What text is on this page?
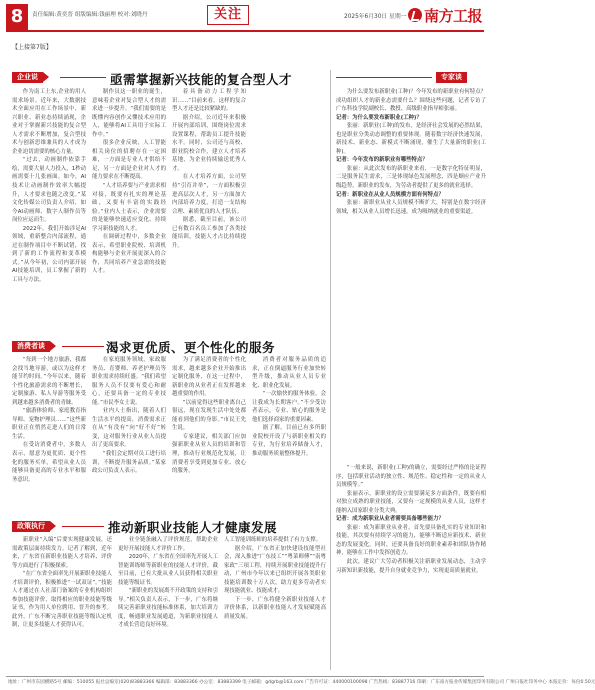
8	责任编辑:黄奕晋 组版编辑:钱丽理 校对:刘晓丹	关注	2025年6月30日 星期一 南方工报
【上接第7版】
企业说	亟需掌握新兴技能的复合型人才

作为南工土东,企业的用人需求场景。近年来，大数据技术全面应用在工作场景中，新兴职业、新业态持续涌现，企业对于掌握新兴技能的复合型人才需求不断增加，复合型技术与创新思维兼具的人才成为企业迫切需要的核心力量。

“过去，动画制作依靠手绘，需要大量人力投入，1秒动画需要十几张画面。如今，AI技术让动画制作效率大幅提升，人才要求也随之改变。”某文化传媒公司负责人介绍，如今AI动画师、数字人制作员等岗位应运而生。

2022年，我们开始涉足AI领域，重新整合内部流程，通过在制作项目中不断试错，找到了新的工作流程和变革模式。”从今年初，公司内部开展AI技能培训，员工掌握了新的工具与方法。

制作员这一职业的诞生，意味着企业对复合型人才的需求进一步提升。“我们需要的是既懂内容创作又懂技术应用的人，能够将AI工具用于实际工作中。”

很多企业反映，人工智能相关岗位的招聘存在一定困难，一方面是专业人才供给不足，另一方面是企业对人才的能力要求在不断提高。

“人才培养要与产业需求相对接，既要有扎实的理论基础，又要有丰富的实践经验。”业内人士表示，企业需要的是能够快速适应变化、持续学习新技能的人才。

在调研过程中，多数企业表示，希望职业院校、培训机构能够与企业开展更深入的合作，共同培养产业急需的技能人才。

着具备动力工程学知识……”目前来看，这样的复合型人才还是比较紧缺的。

据介绍，公司近年来积极开展内部培训，围绕岗位需求设置课程，帮助员工提升技能水平。同时，公司还与高校、职业院校合作，建立人才培养基地，为企业持续输送优秀人才。

在人才培养方面，公司坚持“引育并举”，一方面积极引进高层次人才，另一方面加大内部培养力度，打造一支结构合理、素质优良的人才队伍。

据悉，截至目前，该公司已有数百名员工参加了各类技能培训，技能人才占比持续提升。

专家谈

为什么要发布新职业(工种)？今年发布的新职业有何特点？成功组织人才的新业态需要什么？围绕这些问题，记者专访了广东科技学院副校长、教授、高级职业指导师张丽。

记者：为什么要发布新职业(工种)？

张丽：新职业(工种)的发布，是经济社会发展的必然结果，也是职业分类动态调整的重要体现。随着数字经济快速发展，新技术、新业态、新模式不断涌现，催生了大量新的职业(工种)。

记者：今年发布的新职业有哪些特点？

张丽：从此次发布的新职业来看，一是数字化特征明显，二是服务民生需求，三是体现绿色发展理念，四是顺应产业升级趋势。新职业的发布，为劳动者提供了更多的就业选择。

记者：新职业在从业人员规模方面有何特点？

张丽：新职业从业人员规模不断扩大，特别是在数字经济领域，相关从业人员增长迅速，成为吸纳就业的重要渠道。

“一般来说，新职业(工种)的确立，需要经过严格的论证程序，包括职业活动的独立性、规范性、稳定性和一定的从业人员规模等。”

张丽表示，新职业的设立需要满足多方面条件，既要有相对独立成熟的职业技能，又要有一定规模的从业人员，这样才能纳入国家职业分类大典。

记者：成为新职业从业者需要具备哪些能力？

张丽：成为新职业从业者，首先要具备扎实的专业知识和技能，其次要有持续学习的能力，能够不断适应新技术、新业态的发展变化。同时，还要具备良好的职业素养和团队协作精神，能够在工作中发挥创造力。

此次，建议广大劳动者积极关注新职业发展动态，主动学习新知识新技能，提升自身就业竞争力，实现更高质量就业。

消费者谈	渴求更优质、更个性化的服务

“每到一个地方旅游，我都会找当地导游，或以为这样才能节约时间。”今年以来，随着个性化旅游需求的不断增长，定制旅游、私人导游等服务受到越来越多消费者的青睐。

“旅游体验师、家庭教育指导师、宠物护理员……”这些新职业正在悄然走进人们的日常生活。

在受访消费者中，多数人表示，愿意为更优质、更个性化的服务买单，希望从业人员能够具备更高的专业水平和服务意识。

在家庭服务领域，家政服务员、育婴师、养老护理员等职业需求持续旺盛。“我们希望服务人员不仅要有爱心和耐心，还要具备一定的专业技能。”市民李女士说。

业内人士指出，随着人们生活水平的提高，消费需求正在从“有没有”向“好不好”转变，这对服务行业从业人员提出了更高要求。

“我们会定期对员工进行培训，不断提升服务品质。”某家政公司负责人表示。

为了满足消费者的个性化需求，越来越多企业开始推出定制化服务，在这一过程中，新职业的从业者正在发挥越来越重要的作用。

“以前觉得这些职业离自己很远，现在发现生活中处处都能看到他们的身影。”市民王先生说。

专家建议，相关部门应加强新职业从业人员的培训和管理，推动行业规范化发展，让消费者享受到更加专业、放心的服务。

消费者对服务品质的追求，正在倒逼服务行业加快转型升级，推动从业人员专业化、职业化发展。

“一次愉快的服务体验，会让我成为长期客户。”不少受访者表示，专业、贴心的服务是他们选择商家的重要因素。

据了解，目前已有多所职业院校开设了与新职业相关的专业，为行业培养储备人才，推动服务质量整体提升。

政策执行	推动新职业技能人才健康发展

新职业“入编”后要实现健康发展，还需政策层面持续发力。记者了解到，近年来，广东省在新职业技能人才培养、评价等方面进行了积极探索。

“在广东省全面率先开展新职业技能人才培训评价，积极推进“一试双证”。”技能人才通过在人社部门备案的专业机构组织参加技能评价，取得相应的职业技能等级证书，作为用人单位聘用、晋升的参考。此外，广东不断完善职业技能等级认定机制，让更多技能人才获得认可。

业全链条融入了评价规范，帮助企业更好开展技能人才评价工作。

2020年，广东省在全国率先开展人工智能训练师等新职业的技能人才评价，截至目前，已有大批从业人员获得相关职业技能等级证书。

“新职业的发展离不开政策的支持和引导。”相关负责人表示，下一步，广东将继续完善新职业技能标准体系，加大培训力度，畅通职业发展通道，为新职业技能人才成长营造良好环境。

人工智能训练师的培养提供了有力支撑。

据介绍，广东省正加快建设技能型社会，深入推进“广东技工”“粤菜师傅”“南粤家政”三项工程，持续开展职业技能提升行动，广州市今年以来已组织开展各类职业技能培训数十万人次，助力更多劳动者实现技能就业、技能成才。

下一步，广东将健全新职业技能人才评价体系，以新职业技能人才发展赋能高质量发展。

地址：广州市东园横路5号 邮编：510055 报社总编室(020)83883366 编辑部：83883366 办公室：83883399 电子邮箱：gdgrb@163.com 广告许可证：440000100098 广告热线：83887716 印刷：广东南方报业传媒集团印务有限公司 广州日报社印务中心 本报定价：每份0.50元
